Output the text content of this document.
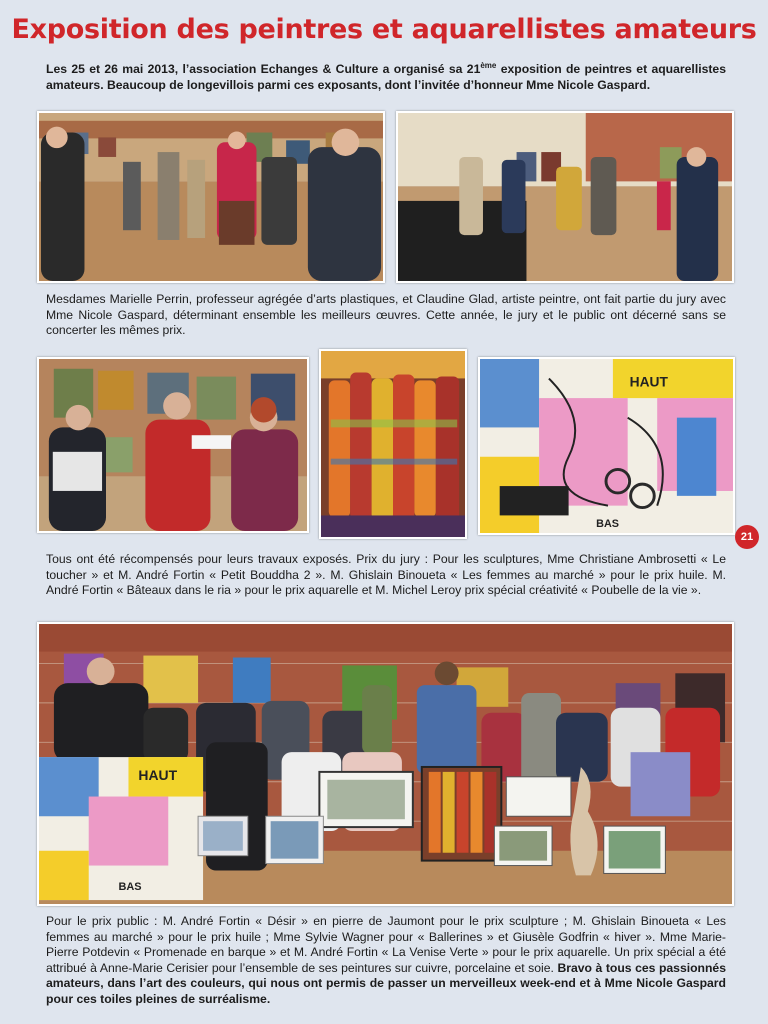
Exposition des peintres et aquarellistes amateurs

Les 25 et 26 mai 2013, l’association Echanges & Culture a organisé sa 21ème exposition de peintres et aquarellistes amateurs. Beaucoup de longevillois parmi ces exposants, dont l’invitée d’honneur Mme Nicole Gaspard.

Mesdames Marielle Perrin, professeur agrégée d’arts plastiques, et Claudine Glad, artiste peintre, ont fait partie du jury avec Mme Nicole Gaspard, déterminant ensemble les meilleurs œuvres. Cette année, le jury et le public ont décerné sans se concerter les mêmes prix.

HAUT
BAS
21

Tous ont été récompensés pour leurs travaux exposés. Prix du jury : Pour les sculptures, Mme Christiane Ambrosetti « Le toucher » et M. André Fortin « Petit Bouddha 2 ». M. Ghislain Binoueta « Les femmes au marché » pour le prix huile. M. André Fortin « Bâteaux dans le ria » pour le prix aquarelle et M. Michel Leroy prix spécial créativité « Poubelle de la vie ».

HAUT
BAS

Pour le prix public : M. André Fortin « Désir » en pierre de Jaumont pour le prix sculpture ; M. Ghislain Binoueta « Les femmes au marché » pour le prix huile ; Mme Sylvie Wagner pour « Ballerines » et Giusèle Godfrin « hiver ». Mme Marie-Pierre Potdevin « Promenade en barque » et M. André Fortin « La Venise Verte » pour le prix aquarelle. Un prix spécial a été attribué à Anne-Marie Cerisier pour l’ensemble de ses peintures sur cuivre, porcelaine et soie. Bravo à tous ces passionnés amateurs, dans l’art des couleurs, qui nous ont permis de passer un merveilleux week-end et à Mme Nicole Gaspard pour ces toiles pleines de surréalisme.
